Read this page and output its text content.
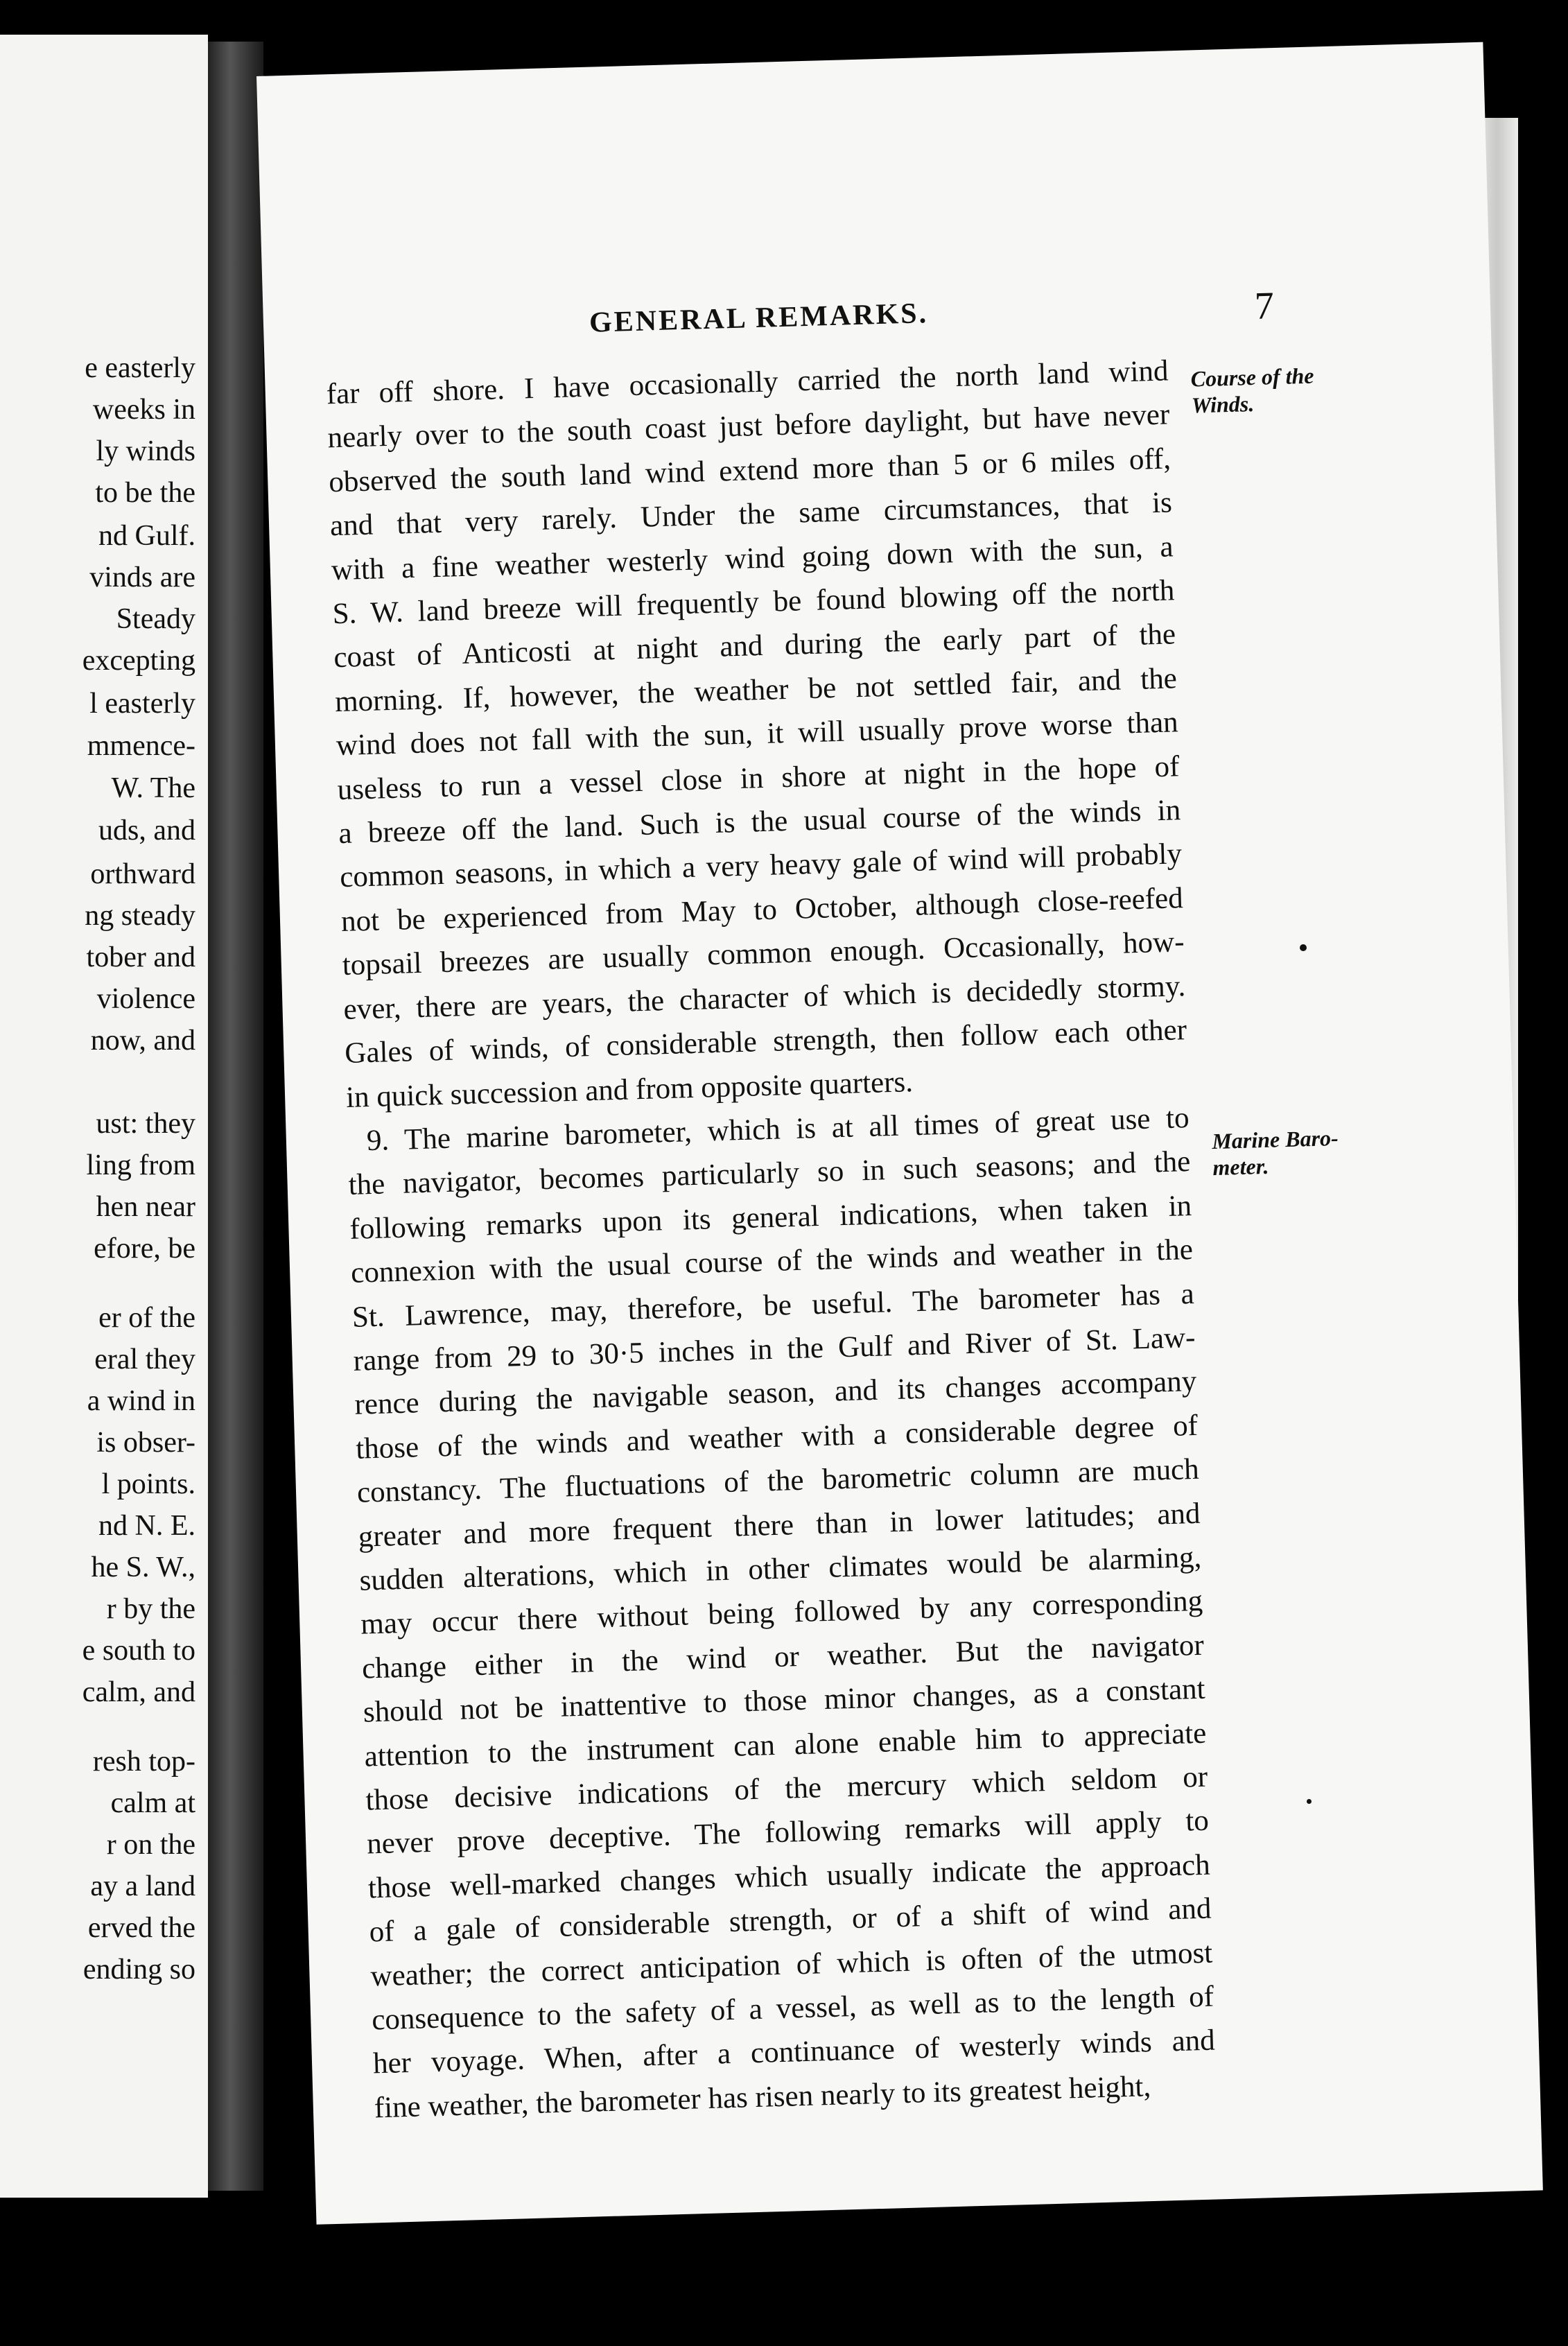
e easterly

weeks in

ly winds

to be the

nd Gulf.

vinds are

Steady

excepting

l easterly

mmence-

W. The

uds, and

orthward

ng steady

tober and

violence

now, and

ust: they

ling from

hen near

efore, be

er of the

eral they

a wind in

is obser-

l points.

nd N. E.

he S. W.,

r by the

e south to

calm, and

resh top-

calm at

r on the

ay a land

erved the

ending so

GENERAL REMARKS.	7

far off shore. I have occasionally carried the north land wind
nearly over to the south coast just before daylight, but have never
observed the south land wind extend more than 5 or 6 miles off,
and that very rarely. Under the same circumstances, that is
with a fine weather westerly wind going down with the sun, a
S. W. land breeze will frequently be found blowing off the north
coast of Anticosti at night and during the early part of the
morning. If, however, the weather be not settled fair, and the
wind does not fall with the sun, it will usually prove worse than
useless to run a vessel close in shore at night in the hope of
a breeze off the land. Such is the usual course of the winds in
common seasons, in which a very heavy gale of wind will probably
not be experienced from May to October, although close-reefed
topsail breezes are usually common enough. Occasionally, how-
ever, there are years, the character of which is decidedly stormy.
Gales of winds, of considerable strength, then follow each other
in quick succession and from opposite quarters.

9. The marine barometer, which is at all times of great use to
the navigator, becomes particularly so in such seasons; and the
following remarks upon its general indications, when taken in
connexion with the usual course of the winds and weather in the
St. Lawrence, may, therefore, be useful. The barometer has a
range from 29 to 30·5 inches in the Gulf and River of St. Law-
rence during the navigable season, and its changes accompany
those of the winds and weather with a considerable degree of
constancy. The fluctuations of the barometric column are much
greater and more frequent there than in lower latitudes; and
sudden alterations, which in other climates would be alarming,
may occur there without being followed by any corresponding
change either in the wind or weather. But the navigator
should not be inattentive to those minor changes, as a constant
attention to the instrument can alone enable him to appreciate
those decisive indications of the mercury which seldom or
never prove deceptive. The following remarks will apply to
those well-marked changes which usually indicate the approach
of a gale of considerable strength, or of a shift of wind and
weather; the correct anticipation of which is often of the utmost
consequence to the safety of a vessel, as well as to the length of
her voyage. When, after a continuance of westerly winds and
fine weather, the barometer has risen nearly to its greatest height,

Course of the
Winds.
Marine Baro-
meter.
